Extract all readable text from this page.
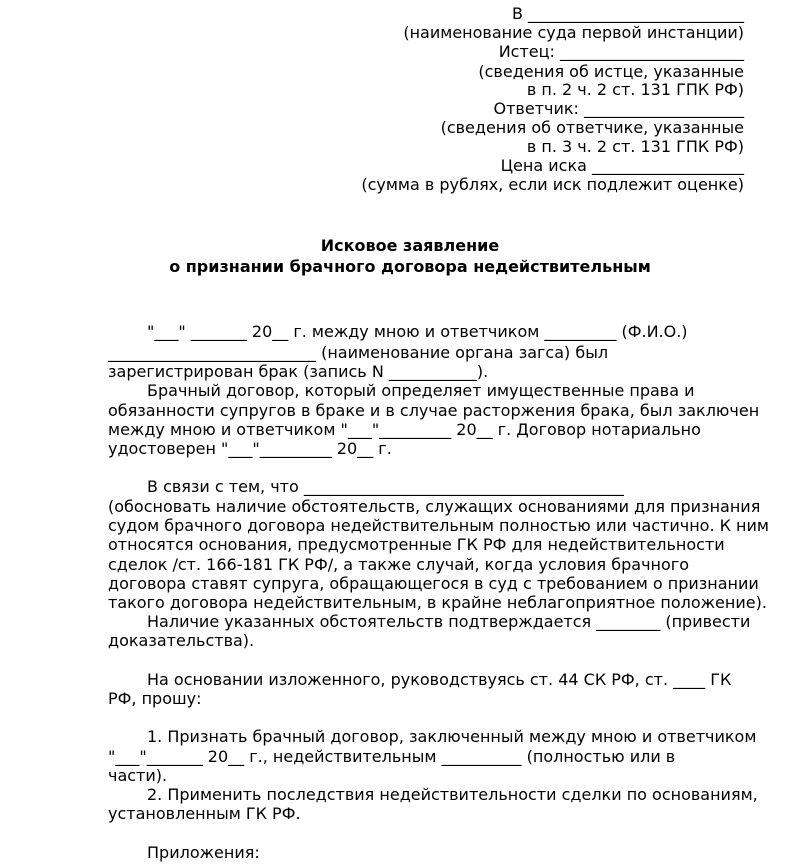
В ___________________________
(наименование суда первой инстанции)
Истец: _______________________
(сведения об истце, указанные
в п. 2 ч. 2 ст. 131 ГПК РФ)
Ответчик: ____________________
(сведения об ответчике, указанные
в п. 3 ч. 2 ст. 131 ГПК РФ)
Цена иска ___________________
(сумма в рублях, если иск подлежит оценке)
Исковое заявление
о признании брачного договора недействительным
"___" _______ 20__ г. между мною и ответчиком _________ (Ф.И.О.)
__________________________ (наименование органа загса) был
зарегистрирован брак (запись N ___________).
Брачный договор, который определяет имущественные права и
обязанности супругов в браке и в случае расторжения брака, был заключен
между мною и ответчиком "___"_________ 20__ г. Договор нотариально
удостоверен "___"_________ 20__ г.
В связи с тем, что ________________________________________
(обосновать наличие обстоятельств, служащих основаниями для признания
судом брачного договора недействительным полностью или частично. К ним
относятся основания, предусмотренные ГК РФ для недействительности
сделок /ст. 166-181 ГК РФ/, а также случай, когда условия брачного
договора ставят супруга, обращающегося в суд с требованием о признании
такого договора недействительным, в крайне неблагоприятное положение).
Наличие указанных обстоятельств подтверждается ________ (привести
доказательства).
На основании изложенного, руководствуясь ст. 44 СК РФ, ст. ____ ГК
РФ, прошу:
1. Признать брачный договор, заключенный между мною и ответчиком
"___"_______ 20__ г., недействительным __________ (полностью или в
части).
2. Применить последствия недействительности сделки по основаниям,
установленным ГК РФ.
Приложения:
